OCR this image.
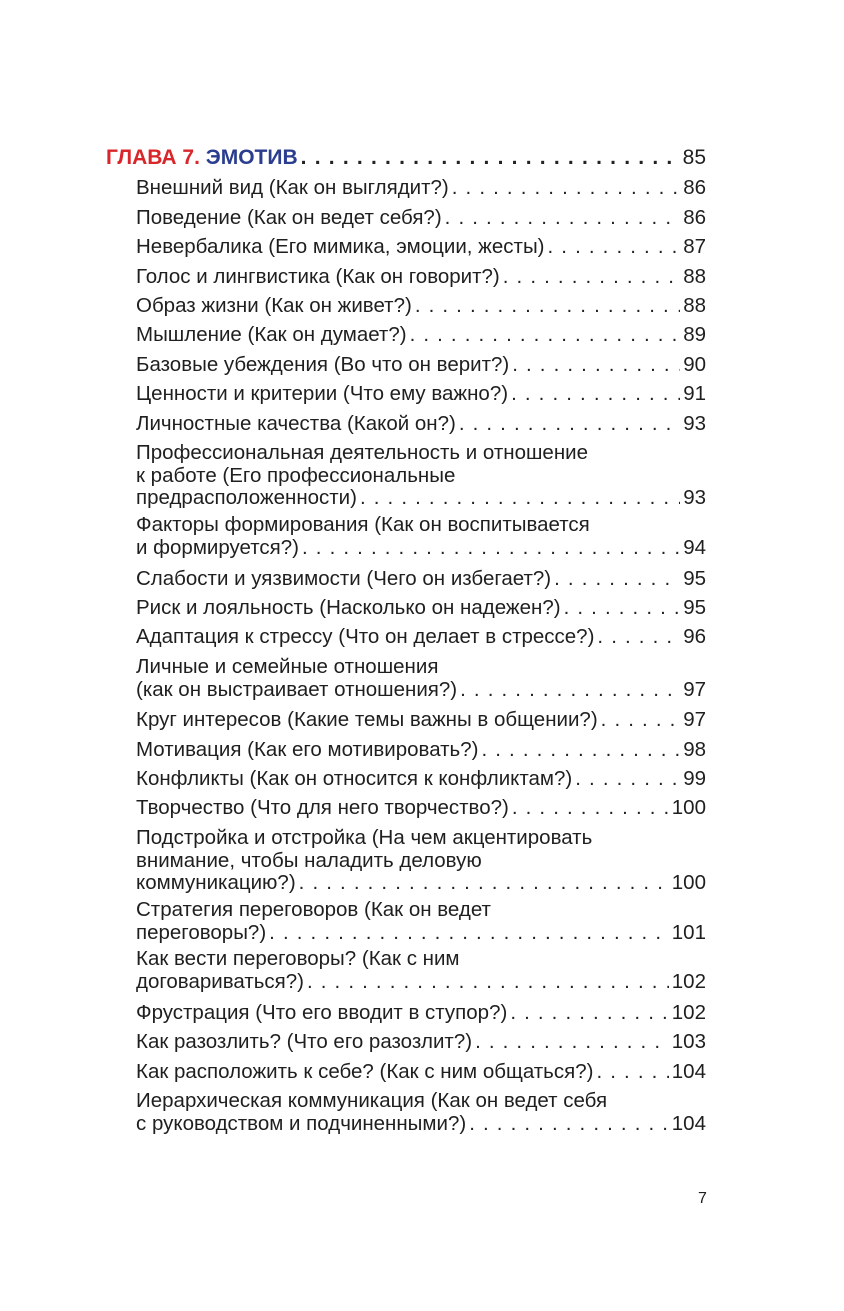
ГЛАВА 7. ЭМОТИВ . . .	85
Внешний вид (Как он выглядит?) . . .	86
Поведение (Как он ведет себя?) . . .	86
Невербалика (Его мимика, эмоции, жесты) . . .	87
Голос и лингвистика (Как он говорит?) . . .	88
Образ жизни (Как он живет?) . . .	88
Мышление (Как он думает?) . . .	89
Базовые убеждения (Во что он верит?) . . .	90
Ценности и критерии (Что ему важно?) . . .	91
Личностные качества (Какой он?) . . .	93
Профессиональная деятельность и отношение
к работе (Его профессиональные
предрасположенности) . . .	93
Факторы формирования (Как он воспитывается
и формируется?) . . .	94
Слабости и уязвимости (Чего он избегает?) . . .	95
Риск и лояльность (Насколько он надежен?) . . .	95
Адаптация к стрессу (Что он делает в стрессе?) . . .	96
Личные и семейные отношения
(как он выстраивает отношения?) . . .	97
Круг интересов (Какие темы важны в общении?) . . .	97
Мотивация (Как его мотивировать?) . . .	98
Конфликты (Как он относится к конфликтам?) . . .	99
Творчество (Что для него творчество?) . . .	100
Подстройка и отстройка (На чем акцентировать
внимание, чтобы наладить деловую
коммуникацию?) . . .	100
Стратегия переговоров (Как он ведет
переговоры?) . . .	101
Как вести переговоры? (Как с ним
договариваться?) . . .	102
Фрустрация (Что его вводит в ступор?) . . .	102
Как разозлить? (Что его разозлит?) . . .	103
Как расположить к себе? (Как с ним общаться?) . . .	104
Иерархическая коммуникация (Как он ведет себя
с руководством и подчиненными?) . . .	104
7
